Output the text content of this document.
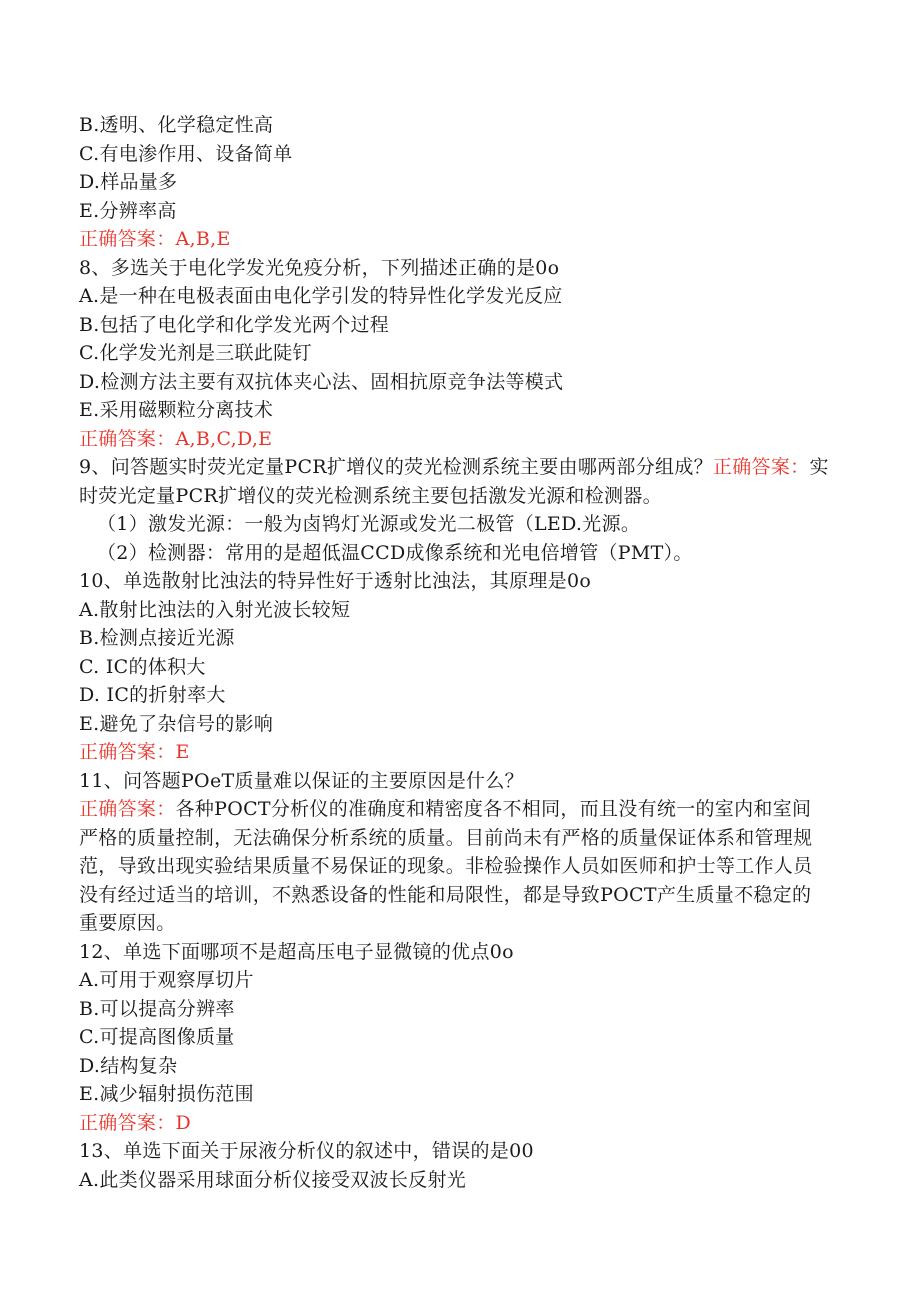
B.透明、化学稳定性高
C.有电渗作用、设备简单
D.样品量多
E.分辨率高
正确答案：A,B,E
8、多选关于电化学发光免疫分析，下列描述正确的是0o
A.是一种在电极表面由电化学引发的特异性化学发光反应
B.包括了电化学和化学发光两个过程
C.化学发光剂是三联此陡钉
D.检测方法主要有双抗体夹心法、固相抗原竞争法等模式
E.采用磁颗粒分离技术
正确答案：A,B,C,D,E
9、问答题实时荧光定量PCR扩增仪的荧光检测系统主要由哪两部分组成？正确答案：实时荧光定量PCR扩增仪的荧光检测系统主要包括激发光源和检测器。
（1）激发光源：一般为卤鸨灯光源或发光二极管（LED.光源。
（2）检测器：常用的是超低温CCD成像系统和光电倍增管（PMT）。
10、单选散射比浊法的特异性好于透射比浊法，其原理是0o
A.散射比浊法的入射光波长较短
B.检测点接近光源
C. IC的体积大
D. IC的折射率大
E.避免了杂信号的影响
正确答案：E
11、问答题POeT质量难以保证的主要原因是什么？
正确答案：各种POCT分析仪的准确度和精密度各不相同，而且没有统一的室内和室间严格的质量控制，无法确保分析系统的质量。目前尚未有严格的质量保证体系和管理规范，导致出现实验结果质量不易保证的现象。非检验操作人员如医师和护士等工作人员没有经过适当的培训，不熟悉设备的性能和局限性，都是导致POCT产生质量不稳定的重要原因。
12、单选下面哪项不是超高压电子显微镜的优点0o
A.可用于观察厚切片
B.可以提高分辨率
C.可提高图像质量
D.结构复杂
E.减少辐射损伤范围
正确答案：D
13、单选下面关于尿液分析仪的叙述中，错误的是00
A.此类仪器采用球面分析仪接受双波长反射光
